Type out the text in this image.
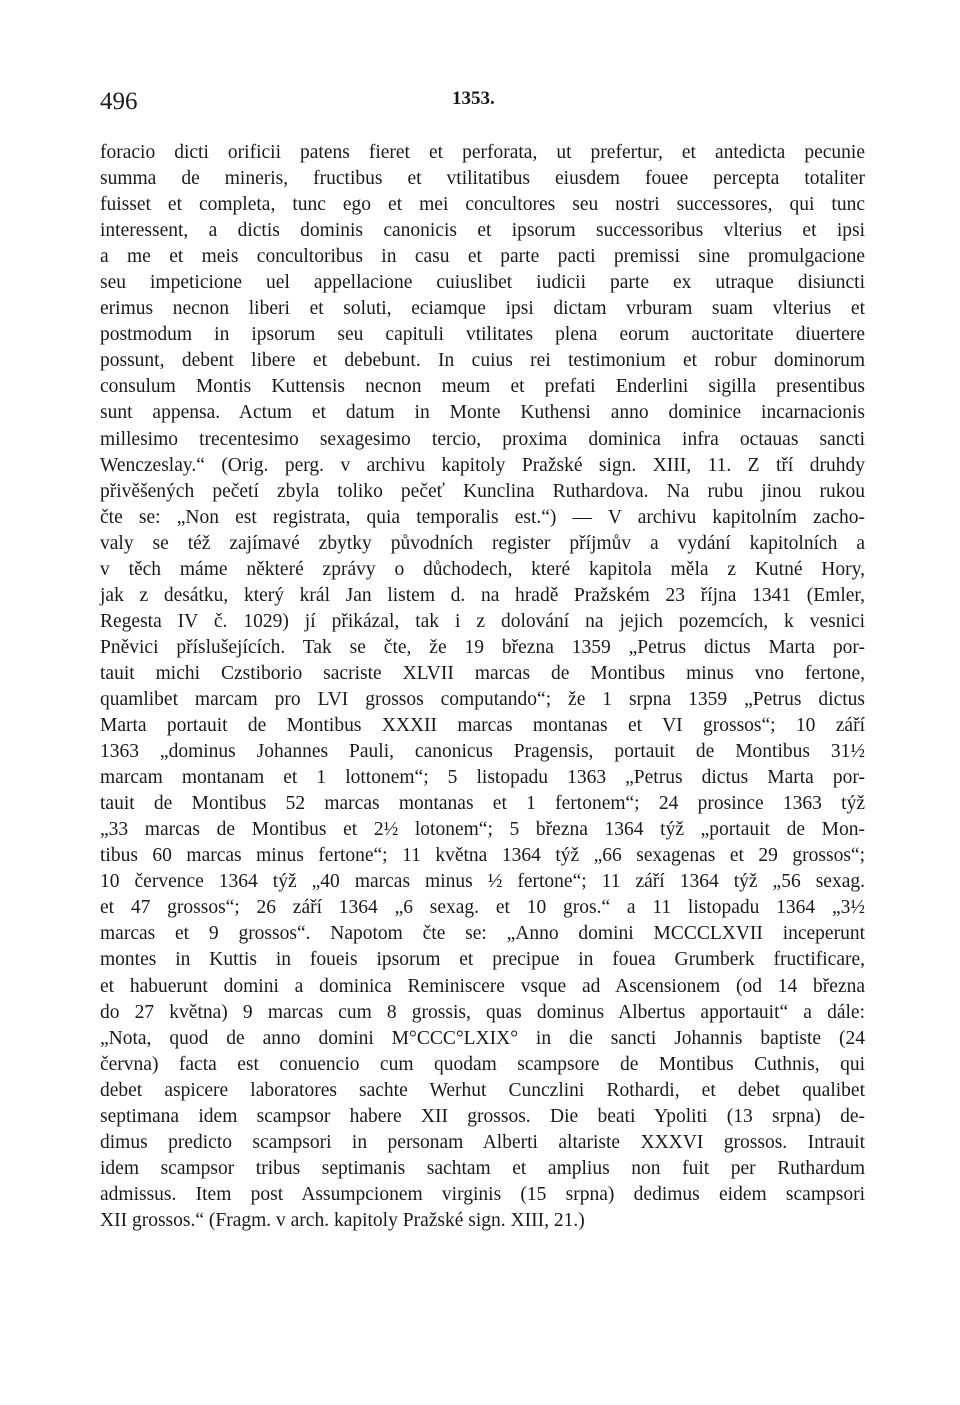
496	1353.
foracio dicti orificii patens fieret et perforata, ut prefertur, et antedicta pecunie
summa de mineris, fructibus et vtilitatibus eiusdem fouee percepta totaliter
fuisset et completa, tunc ego et mei concultores seu nostri successores, qui tunc
interessent, a dictis dominis canonicis et ipsorum successoribus vlterius et ipsi
a me et meis concultoribus in casu et parte pacti premissi sine promulgacione
seu impeticione uel appellacione cuiuslibet iudicii parte ex utraque disiuncti
erimus necnon liberi et soluti, eciamque ipsi dictam vrburam suam vlterius et
postmodum in ipsorum seu capituli vtilitates plena eorum auctoritate diuertere
possunt, debent libere et debebunt. In cuius rei testimonium et robur dominorum
consulum Montis Kuttensis necnon meum et prefati Enderlini sigilla presentibus
sunt appensa. Actum et datum in Monte Kuthensi anno dominice incarnacionis
millesimo trecentesimo sexagesimo tercio, proxima dominica infra octauas sancti
Wenczeslay.“ (Orig. perg. v archivu kapitoly Pražské sign. XIII, 11. Z tří druhdy
přivěšených pečetí zbyla toliko pečeť Kunclina Ruthardova. Na rubu jinou rukou
čte se: „Non est registrata, quia temporalis est.“) — V archivu kapitolním zacho-
valy se též zajímavé zbytky původních register příjmův a vydání kapitolních a
v těch máme některé zprávy o důchodech, které kapitola měla z Kutné Hory,
jak z desátku, který král Jan listem d. na hradě Pražském 23 října 1341 (Emler,
Regesta IV č. 1029) jí přikázal, tak i z dolování na jejich pozemcích, k vesnici
Pněvici příslušejících. Tak se čte, že 19 března 1359 „Petrus dictus Marta por-
tauit michi Czstiborio sacriste XLVII marcas de Montibus minus vno fertone,
quamlibet marcam pro LVI grossos computando“; že 1 srpna 1359 „Petrus dictus
Marta portauit de Montibus XXXII marcas montanas et VI grossos“; 10 září
1363 „dominus Johannes Pauli, canonicus Pragensis, portauit de Montibus 31½
marcam montanam et 1 lottonem“; 5 listopadu 1363 „Petrus dictus Marta por-
tauit de Montibus 52 marcas montanas et 1 fertonem“; 24 prosince 1363 týž
„33 marcas de Montibus et 2½ lotonem“; 5 března 1364 týž „portauit de Mon-
tibus 60 marcas minus fertone“; 11 května 1364 týž „66 sexagenas et 29 grossos“;
10 července 1364 týž „40 marcas minus ½ fertone“; 11 září 1364 týž „56 sexag.
et 47 grossos“; 26 září 1364 „6 sexag. et 10 gros.“ a 11 listopadu 1364 „3½
marcas et 9 grossos“. Napotom čte se: „Anno domini MCCCLXVII inceperunt
montes in Kuttis in foueis ipsorum et precipue in fouea Grumberk fructificare,
et habuerunt domini a dominica Reminiscere vsque ad Ascensionem (od 14 března
do 27 května) 9 marcas cum 8 grossis, quas dominus Albertus apportauit“ a dále:
„Nota, quod de anno domini M°CCC°LXIX° in die sancti Johannis baptiste (24
června) facta est conuencio cum quodam scampsore de Montibus Cuthnis, qui
debet aspicere laboratores sachte Werhut Cunczlini Rothardi, et debet qualibet
septimana idem scampsor habere XII grossos. Die beati Ypoliti (13 srpna) de-
dimus predicto scampsori in personam Alberti altariste XXXVI grossos. Intrauit
idem scampsor tribus septimanis sachtam et amplius non fuit per Ruthardum
admissus. Item post Assumpcionem virginis (15 srpna) dedimus eidem scampsori
XII grossos.“ (Fragm. v arch. kapitoly Pražské sign. XIII, 21.)
